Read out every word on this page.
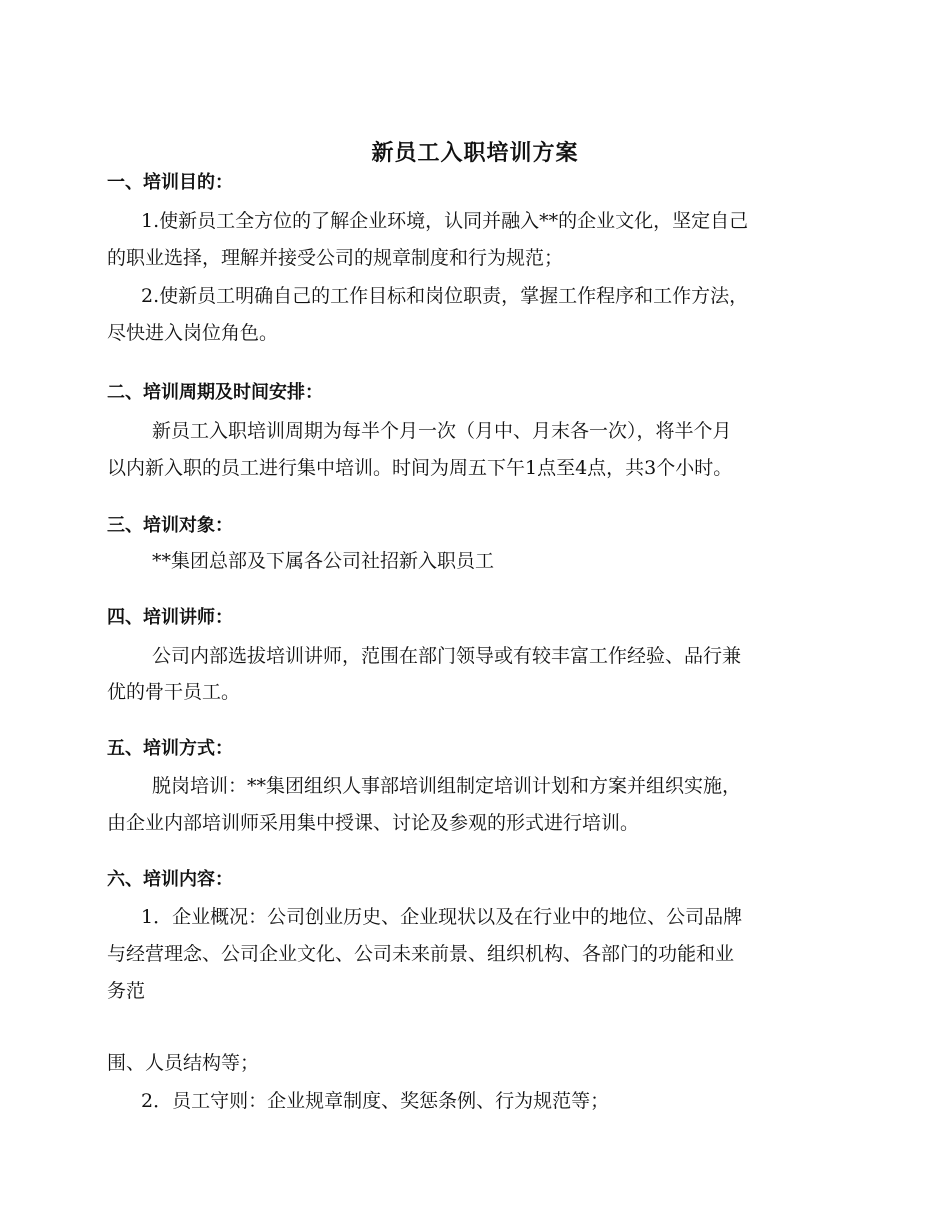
新员工入职培训方案
一、培训目的：
1.使新员工全方位的了解企业环境，认同并融入**的企业文化，坚定自己
的职业选择，理解并接受公司的规章制度和行为规范；
2.使新员工明确自己的工作目标和岗位职责，掌握工作程序和工作方法，
尽快进入岗位角色。
二、培训周期及时间安排：
新员工入职培训周期为每半个月一次（月中、月末各一次），将半个月
以内新入职的员工进行集中培训。时间为周五下午1点至4点，共3个小时。
三、培训对象：
**集团总部及下属各公司社招新入职员工
四、培训讲师：
公司内部选拔培训讲师，范围在部门领导或有较丰富工作经验、品行兼
优的骨干员工。
五、培训方式：
脱岗培训：**集团组织人事部培训组制定培训计划和方案并组织实施，
由企业内部培训师采用集中授课、讨论及参观的形式进行培训。
六、培训内容：
1．企业概况：公司创业历史、企业现状以及在行业中的地位、公司品牌
与经营理念、公司企业文化、公司未来前景、组织机构、各部门的功能和业
务范
围、人员结构等；
2．员工守则：企业规章制度、奖惩条例、行为规范等；
